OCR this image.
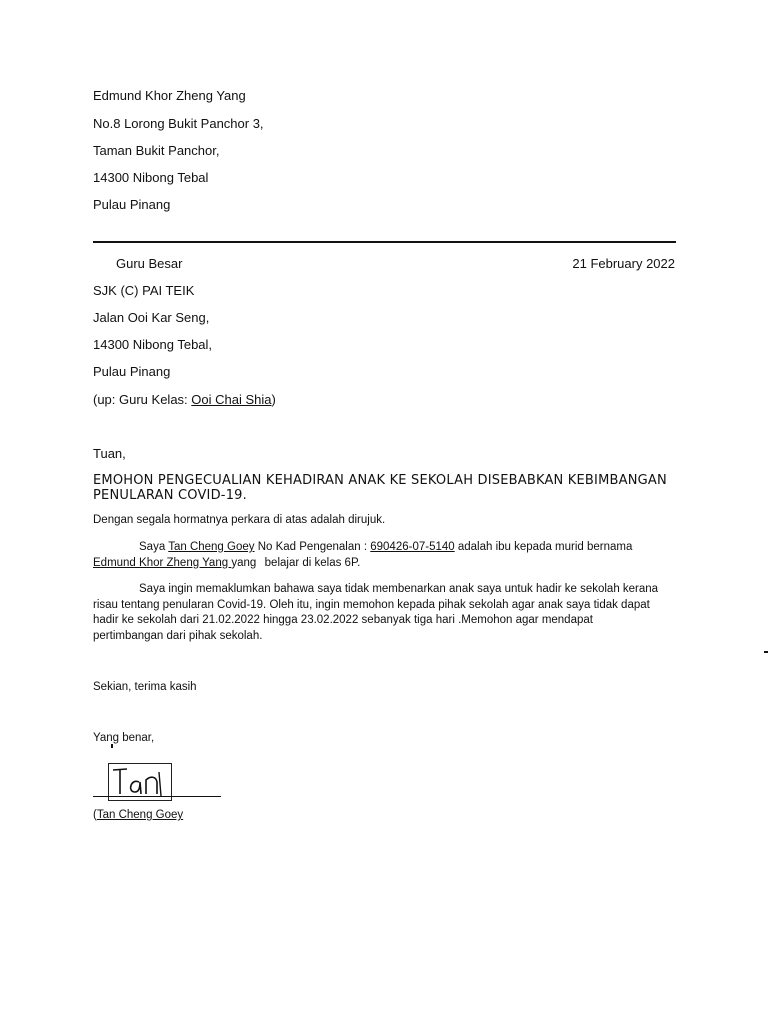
Edmund Khor Zheng Yang
No.8 Lorong Bukit Panchor 3,
Taman Bukit Panchor,
14300 Nibong Tebal
Pulau Pinang
Guru Besar	21 February 2022
SJK (C) PAI TEIK
Jalan Ooi Kar Seng,
14300 Nibong Tebal,
Pulau Pinang
(up: Guru Kelas: Ooi Chai Shia)
Tuan,
EMOHON PENGECUALIAN KEHADIRAN ANAK KE SEKOLAH DISEBABKAN KEBIMBANGAN PENULARAN COVID-19.
Dengan segala hormatnya perkara di atas adalah dirujuk.
Saya Tan Cheng Goey No Kad Pengenalan : 690426-07-5140 adalah ibu kepada murid bernama
Edmund Khor Zheng Yang yang  belajar di kelas 6P.
Saya ingin memaklumkan bahawa saya tidak membenarkan anak saya untuk hadir ke sekolah kerana
risau tentang penularan Covid-19. Oleh itu, ingin memohon kepada pihak sekolah agar anak saya tidak dapat
hadir ke sekolah dari 21.02.2022 hingga 23.02.2022 sebanyak tiga hari .Memohon agar mendapat
pertimbangan dari pihak sekolah.
Sekian, terima kasih
Yang benar,
(Tan Cheng Goey
